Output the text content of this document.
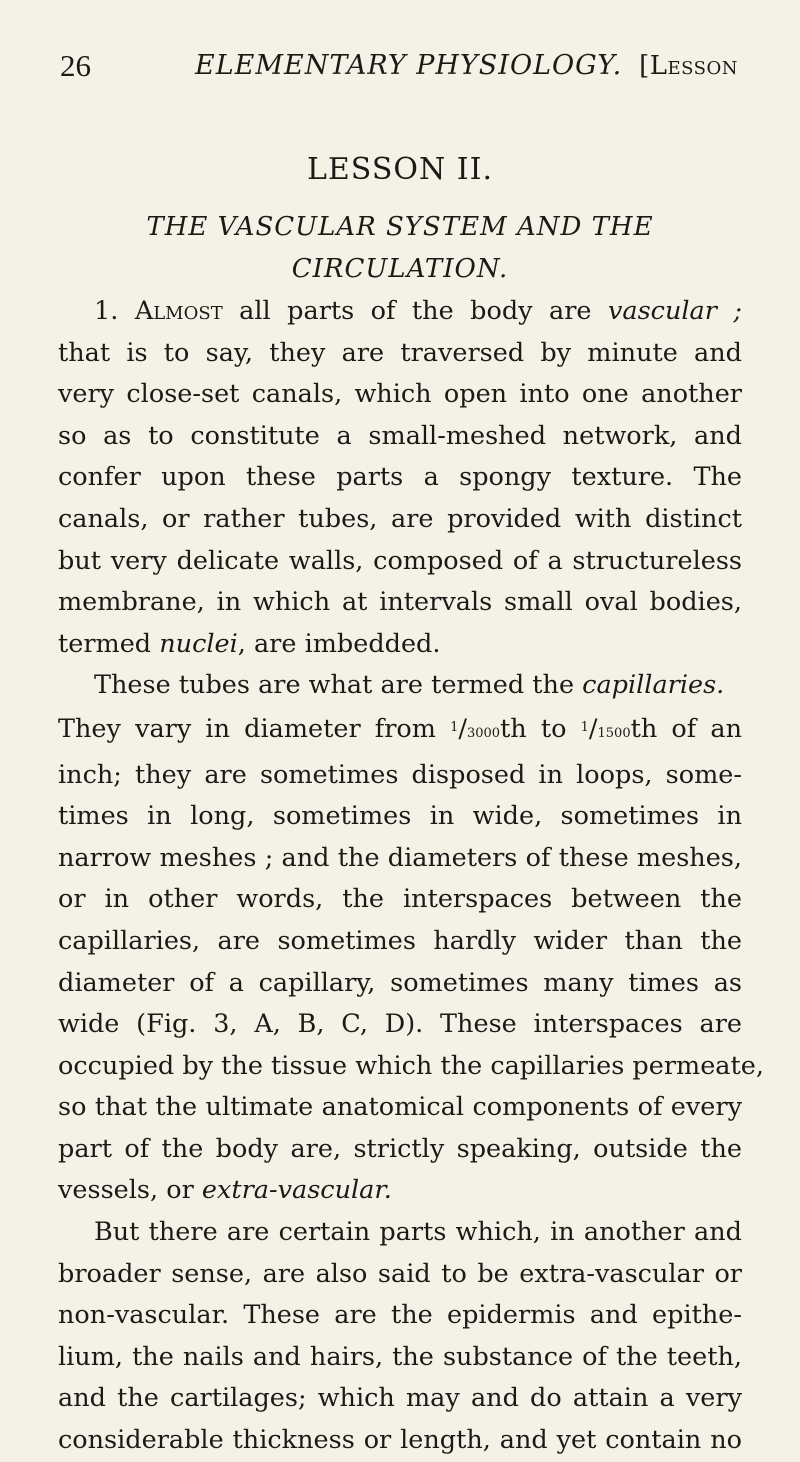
26	ELEMENTARY PHYSIOLOGY. [Lesson
LESSON II.
THE VASCULAR SYSTEM AND THE
CIRCULATION.
1. Almost all parts of the body are vascular ;
that is to say, they are traversed by minute and
very close-set canals, which open into one another
so as to constitute a small-meshed network, and
confer upon these parts a spongy texture. The
canals, or rather tubes, are provided with distinct
but very delicate walls, composed of a structureless
membrane, in which at intervals small oval bodies,
termed nuclei, are imbedded.
These tubes are what are termed the capillaries.
They vary in diameter from $^1$/3000th to $^1$/1500th of an
inch; they are sometimes disposed in loops, some-
times in long, sometimes in wide, sometimes in
narrow meshes ; and the diameters of these meshes,
or in other words, the interspaces between the
capillaries, are sometimes hardly wider than the
diameter of a capillary, sometimes many times as
wide (Fig. 3, A, B, C, D). These interspaces are
occupied by the tissue which the capillaries permeate,
so that the ultimate anatomical components of every
part of the body are, strictly speaking, outside the
vessels, or extra-vascular.
But there are certain parts which, in another and
broader sense, are also said to be extra-vascular or
non-vascular. These are the epidermis and epithe-
lium, the nails and hairs, the substance of the teeth,
and the cartilages; which may and do attain a very
considerable thickness or length, and yet contain no
